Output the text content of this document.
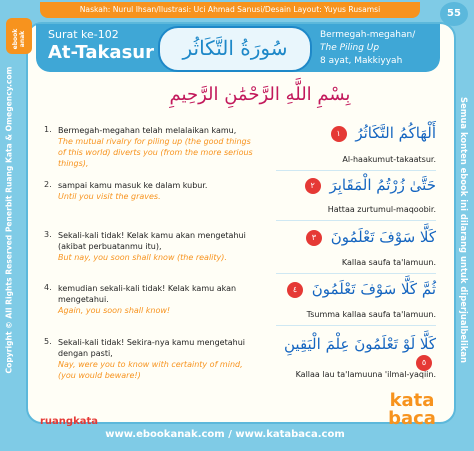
Naskah: Nurul Ihsan/Ilustrasi: Uci Ahmad Sanusi/Desain Layout: Yuyus Rusamsi	55
ebook anak
Copyright © All Rights Reserved Penerbit Ruang Kata & Omegency.com	Semua konten ebook ini dilarang untuk diperjualbelikan
Surat ke-102
At-Takasur	سُورَةُ التَّكَاثُر
Bermegah-megahan/
The Piling Up
8 ayat, Makkiyyah
بِسْمِ اللَّهِ الرَّحْمَٰنِ الرَّحِيمِ
1. Bermegah-megahan telah melalaikan kamu,
The mutual rivalry for piling up (the good things of this world) diverts you (from the more serious things),
أَلْهَاكُمُ التَّكَاثُرُ ١
Al-haakumut-takaatsur.
2. sampai kamu masuk ke dalam kubur.
Until you visit the graves.
حَتَّىٰ زُرْتُمُ الْمَقَابِرَ ٢
Hattaa zurtumul-maqoobir.
3. Sekali-kali tidak! Kelak kamu akan mengetahui (akibat perbuatanmu itu),
But nay, you soon shall know (the reality).
كَلَّا سَوْفَ تَعْلَمُونَ ٣
Kallaa saufa ta'lamuun.
4. kemudian sekali-kali tidak! Kelak kamu akan mengetahui.
Again, you soon shall know!
ثُمَّ كَلَّا سَوْفَ تَعْلَمُونَ ٤
Tsumma kallaa saufa ta'lamuun.
5. Sekali-kali tidak! Sekira-nya kamu mengetahui dengan pasti,
Nay, were you to know with certainty of mind, (you would beware!)
كَلَّا لَوْ تَعْلَمُونَ عِلْمَ الْيَقِينِ ٥
Kallaa lau ta'lamuuna 'ilmal-yaqiin.
ruangkata
www.ebookanak.com / www.katabaca.com
kata
baca
